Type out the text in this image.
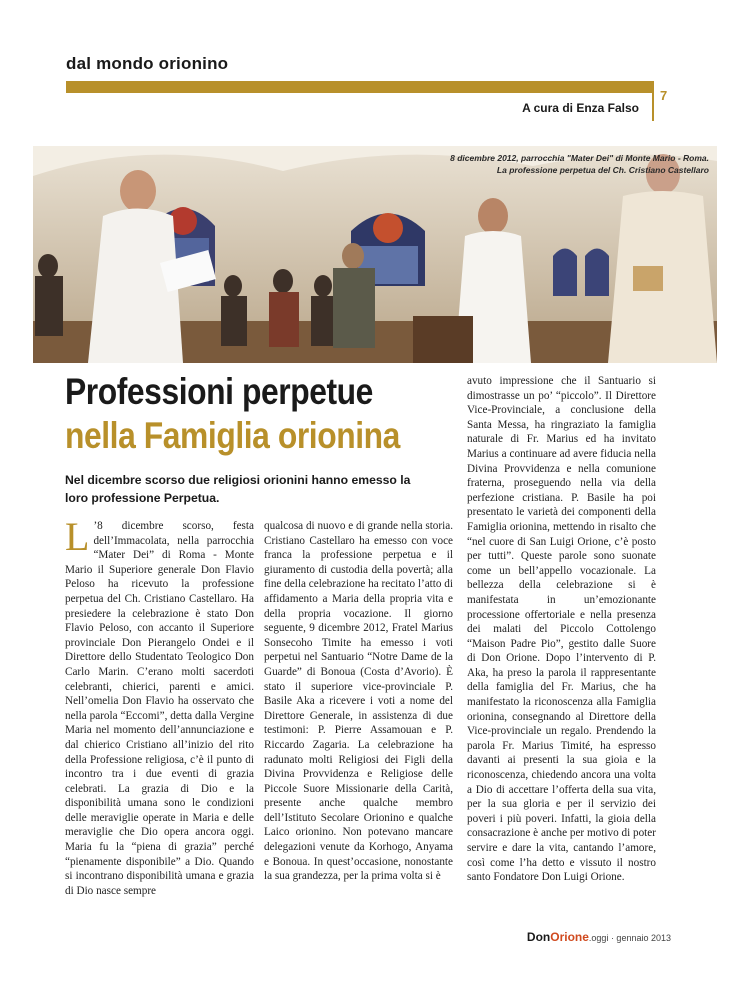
dal mondo orionino
7
A cura di Enza Falso
8 dicembre 2012, parrocchia "Mater Dei" di Monte Mario - Roma.
La professione perpetua del Ch. Cristiano Castellaro
Professioni perpetue
nella Famiglia orionina
Nel dicembre scorso due religiosi orionini hanno emesso la loro professione Perpetua.
L ’8 dicembre scorso, festa dell’Immacolata, nella parrocchia “Mater Dei” di Roma - Monte Mario il Superiore generale Don Flavio Peloso ha ricevuto la professione perpetua del Ch. Cristiano Castellaro. Ha presiedere la celebrazione è stato Don Flavio Peloso, con accanto il Superiore provinciale Don Pierangelo Ondei e il Direttore dello Studentato Teologico Don Carlo Marin. C’erano molti sacerdoti celebranti, chierici, parenti e amici. Nell’omelia Don Flavio ha osservato che nella parola “Eccomi”, detta dalla Vergine Maria nel momento dell’annunciazione e dal chierico Cristiano all’inizio del rito della Professione religiosa, c’è il punto di incontro tra i due eventi di grazia celebrati. La grazia di Dio e la disponibilità umana sono le condizioni delle meraviglie operate in Maria e delle meraviglie che Dio opera ancora oggi. Maria fu la “piena di grazia” perché “pienamente disponibile” a Dio. Quando si incontrano disponibilità umana e grazia di Dio nasce sempre

qualcosa di nuovo e di grande nella storia. Cristiano Castellaro ha emesso con voce franca la professione perpetua e il giuramento di custodia della povertà; alla fine della celebrazione ha recitato l’atto di affidamento a Maria della propria vita e della propria vocazione. Il giorno seguente, 9 dicembre 2012, Fratel Marius Sonsecoho Timite ha emesso i voti perpetui nel Santuario “Notre Dame de la Guarde” di Bonoua (Costa d’Avorio). È stato il superiore vice-provinciale P. Basile Aka a ricevere i voti a nome del Direttore Generale, in assistenza di due testimoni: P. Pierre Assamouan e P. Riccardo Zagaria. La celebrazione ha radunato molti Religiosi dei Figli della Divina Provvidenza e Religiose delle Piccole Suore Missionarie della Carità, presente anche qualche membro dell’Istituto Secolare Orionino e qualche Laico orionino. Non potevano mancare delegazioni venute da Korhogo, Anyama e Bonoua. In quest’occasione, nonostante la sua grandezza, per la prima volta si è

avuto impressione che il Santuario si dimostrasse un po’ “piccolo”. Il Direttore Vice-Provinciale, a conclusione della Santa Messa, ha ringraziato la famiglia naturale di Fr. Marius ed ha invitato Marius a continuare ad avere fiducia nella Divina Provvidenza e nella comunione fraterna, proseguendo nella via della perfezione cristiana. P. Basile ha poi presentato le varietà dei componenti della Famiglia orionina, mettendo in risalto che “nel cuore di San Luigi Orione, c’è posto per tutti”. Queste parole sono suonate come un bell’appello vocazionale. La bellezza della celebrazione si è manifestata in un’emozionante processione offertoriale e nella presenza dei malati del Piccolo Cottolengo “Maison Padre Pio”, gestito dalle Suore di Don Orione. Dopo l’intervento di P. Aka, ha preso la parola il rappresentante della famiglia del Fr. Marius, che ha manifestato la riconoscenza alla Famiglia orionina, consegnando al Direttore della Vice-provinciale un regalo. Prendendo la parola Fr. Marius Timité, ha espresso davanti ai presenti la sua gioia e la riconoscenza, chiedendo ancora una volta a Dio di accettare l’offerta della sua vita, per la sua gloria e per il servizio dei poveri i più poveri. Infatti, la gioia della consacrazione è anche per motivo di poter servire e dare la vita, cantando l’amore, così come l’ha detto e vissuto il nostro santo Fondatore Don Luigi Orione.

DonOrione.oggi · gennaio 2013
